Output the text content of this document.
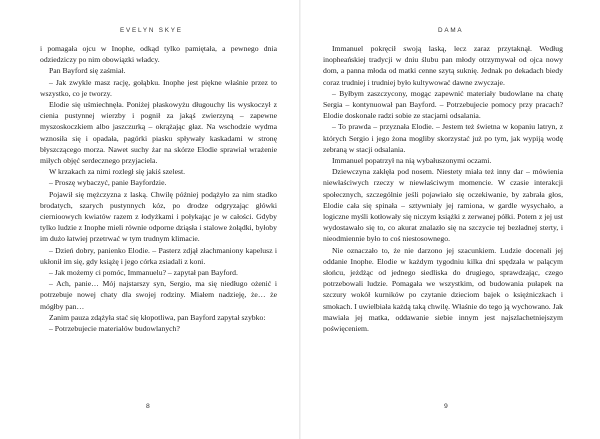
EVELYN SKYE

i pomagała ojcu w Inophe, odkąd tylko pamiętała, a pewnego dnia odziedziczy po nim obowiązki władcy.

Pan Bayford się zaśmiał.

– Jak zwykle masz rację, gołąbku. Inophe jest piękne właśnie przez to wszystko, co je tworzy.

Elodie się uśmiechnęła. Poniżej płaskowyżu długouchy lis wyskoczył z cienia pustynnej wierzby i pognił za jakąś zwierzyną – zapewne myszoskoczkiem albo jaszczurką – okrążając głaz. Na wschodzie wydma wznosiła się i opadała, pagórki piasku spływały kaskadami w stronę błyszczącego morza. Nawet suchy żar na skórze Elodie sprawiał wrażenie miłych objęć serdecznego przyjaciela.

W krzakach za nimi rozległ się jakiś szelest.

– Proszę wybaczyć, panie Bayfordzie.

Pojawił się mężczyzna z laską. Chwilę później podążyło za nim stadko brodatych, szarych pustynnych kóz, po drodze odgryzając główki ciernioowych kwiatów razem z łodyżkami i połykając je w całości. Gdyby tylko ludzie z Inophe mieli równie odporne dziąsła i stalowe żołądki, byłoby im dużo łatwiej przetrwać w tym trudnym klimacie.

– Dzień dobry, panienko Elodie. – Pasterz zdjął złachmaniony kapelusz i ukłonił im się, gdy książę i jego córka zsiadali z koni.

– Jak możemy ci pomóc, Immanuelu? – zapytał pan Bayford.

– Ach, panie… Mój najstarszy syn, Sergio, ma się niedługo ożenić i potrzebuje nowej chaty dla swojej rodziny. Miałem nadzieję, że… że mógłby pan…

Zanim pauza zdążyła stać się kłopotliwa, pan Bayford zapytał szybko:

– Potrzebujecie materiałów budowlanych?

8
DAMA

Immanuel pokręcił swoją laską, lecz zaraz przytaknął. Według inopheańskiej tradycji w dniu ślubu pan młody otrzymywał od ojca nowy dom, a panna młoda od matki cenne szytą suknię. Jednak po dekadach biedy coraz trudniej i trudniej było kultywować dawne zwyczaje.

– Byłbym zaszczycony, mogąc zapewnić materiały budowlane na chatę Sergia – kontynuował pan Bayford. – Potrzebujecie pomocy przy pracach? Elodie doskonale radzi sobie ze stacjami odsalania.

– To prawda – przyznała Elodie. – Jestem też świetna w kopaniu latryn, z których Sergio i jego żona mogliby skorzystać już po tym, jak wypiją wodę zebraną w stacji odsalania.

Immanuel popatrzył na nią wybałuszonymi oczami.

Dziewczyna zakłęła pod nosem. Niestety miała też inny dar – mówienia niewłaściwych rzeczy w niewłaściwym momencie. W czasie interakcji społecznych, szczególnie jeśli pojawiało się oczekiwanie, by zabrała głos, Elodie cała się spinała – sztywniały jej ramiona, w gardle wysychało, a logiczne myśli kotłowały się niczym książki z zerwanej półki. Potem z jej ust wydostawało się to, co akurat znalazło się na szczycie tej bezładnej sterty, i nieodmiennie było to coś niestosownego.

Nie oznaczało to, że nie darzono jej szacunkiem. Ludzie docenali jej oddanie Inophe. Elodie w każdym tygodniu kilka dni spędzała w palącym słońcu, jeżdżąc od jednego siedliska do drugiego, sprawdzając, czego potrzebowali ludzie. Pomagała we wszystkim, od budowania pułapek na szczury wokół kurników po czytanie dzieciom bajek o księżniczkach i smokach. I uwielbiała każdą taką chwilę. Właśnie do tego ją wychowano. Jak mawiała jej matka, oddawanie siebie innym jest najszlachetniejszym poświęceniem.

9
